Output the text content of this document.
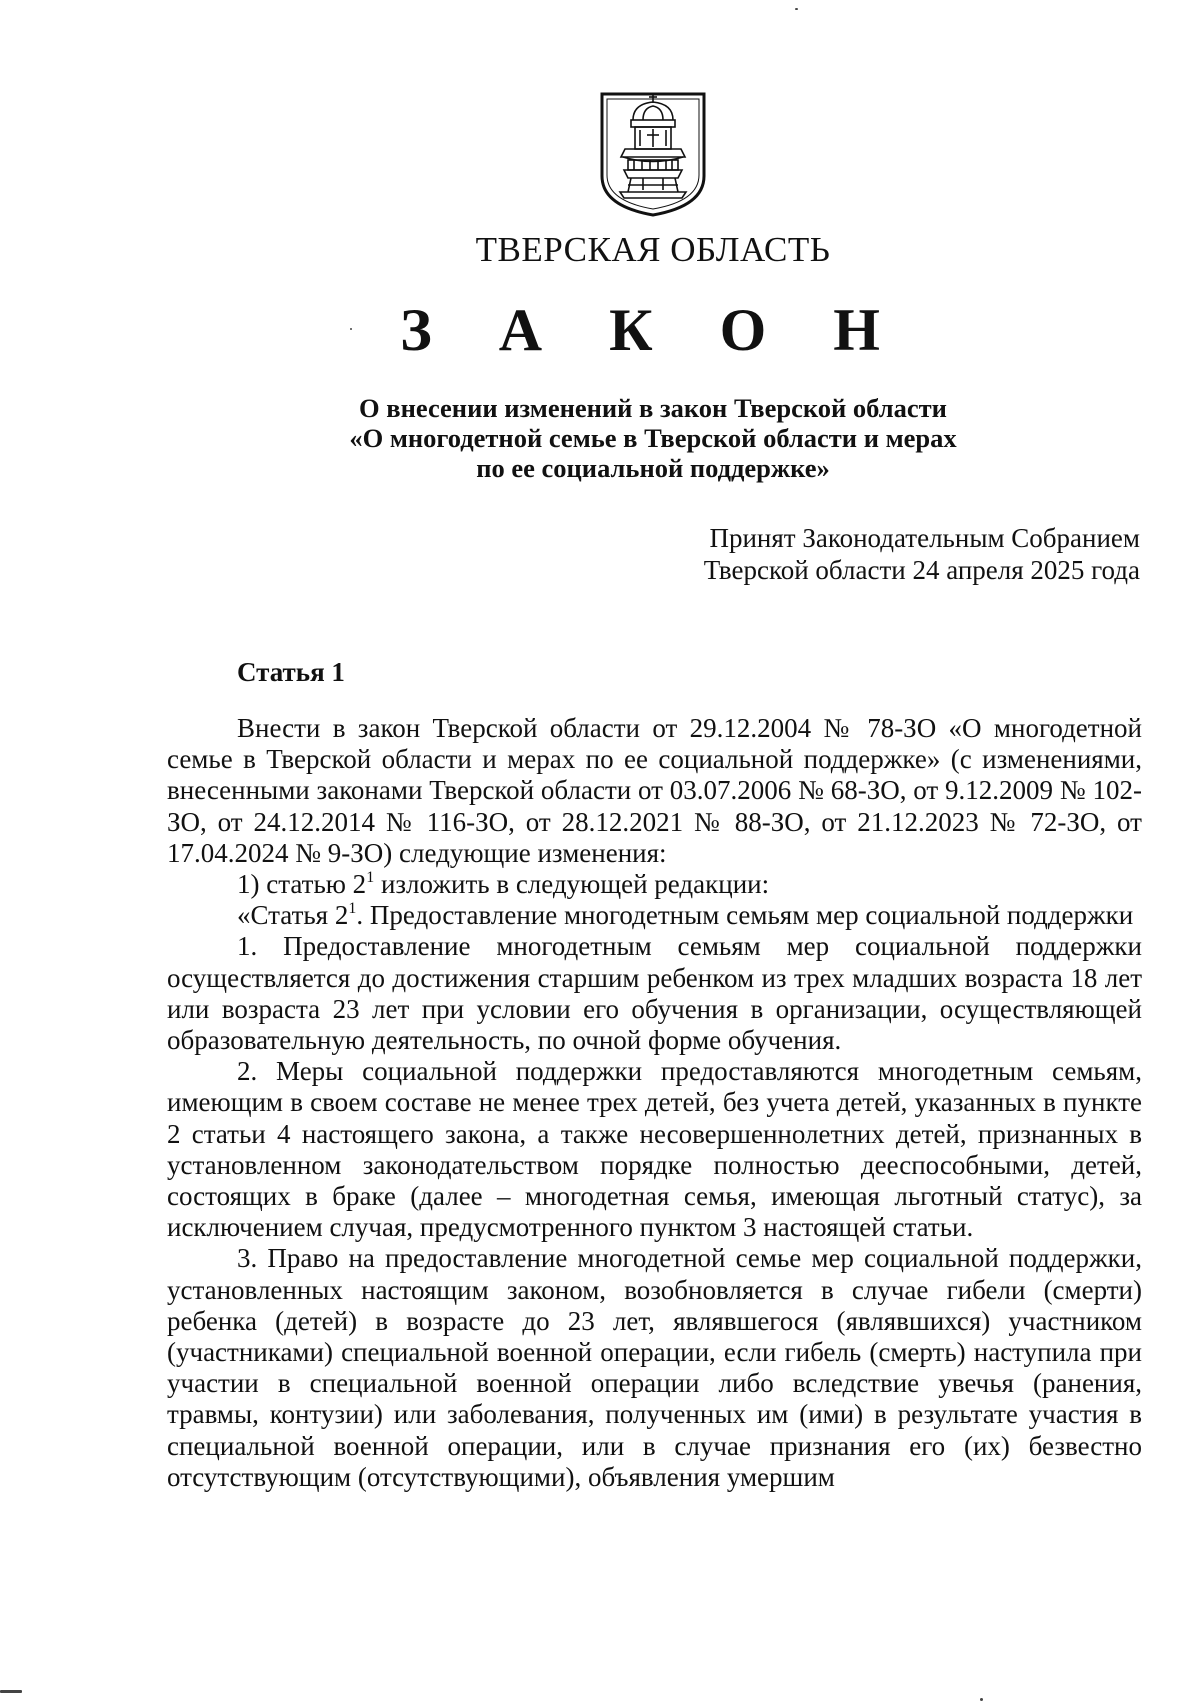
ТВЕРСКАЯ ОБЛАСТЬ
З А К О Н
О внесении изменений в закон Тверской области
«О многодетной семье в Тверской области и мерах
по ее социальной поддержке»
Принят Законодательным Собранием
Тверской области 24 апреля 2025 года
Статья 1

Внести в закон Тверской области от 29.12.2004 № 78-ЗО «О многодетной семье в Тверской области и мерах по ее социальной поддержке» (с изменениями, внесенными законами Тверской области от 03.07.2006 № 68-ЗО, от 9.12.2009 № 102-ЗО, от 24.12.2014 № 116-ЗО, от 28.12.2021 № 88-ЗО, от 21.12.2023 № 72-ЗО, от 17.04.2024 № 9-ЗО) следующие изменения:

1) статью $2^1$ изложить в следующей редакции:

«Статья $2^1$. Предоставление многодетным семьям мер социальной поддержки

1. Предоставление многодетным семьям мер социальной поддержки осуществляется до достижения старшим ребенком из трех младших возраста 18 лет или возраста 23 лет при условии его обучения в организации, осуществляющей образовательную деятельность, по очной форме обучения.

2. Меры социальной поддержки предоставляются многодетным семьям, имеющим в своем составе не менее трех детей, без учета детей, указанных в пункте 2 статьи 4 настоящего закона, а также несовершеннолетних детей, признанных в установленном законодательством порядке полностью дееспособными, детей, состоящих в браке (далее – многодетная семья, имеющая льготный статус), за исключением случая, предусмотренного пунктом 3 настоящей статьи.

3. Право на предоставление многодетной семье мер социальной поддержки, установленных настоящим законом, возобновляется в случае гибели (смерти) ребенка (детей) в возрасте до 23 лет, являвшегося (являвшихся) участником (участниками) специальной военной операции, если гибель (смерть) наступила при участии в специальной военной операции либо вследствие увечья (ранения, травмы, контузии) или заболевания, полученных им (ими) в результате участия в специальной военной операции, или в случае признания его (их) безвестно отсутствующим (отсутствующими), объявления умершим
